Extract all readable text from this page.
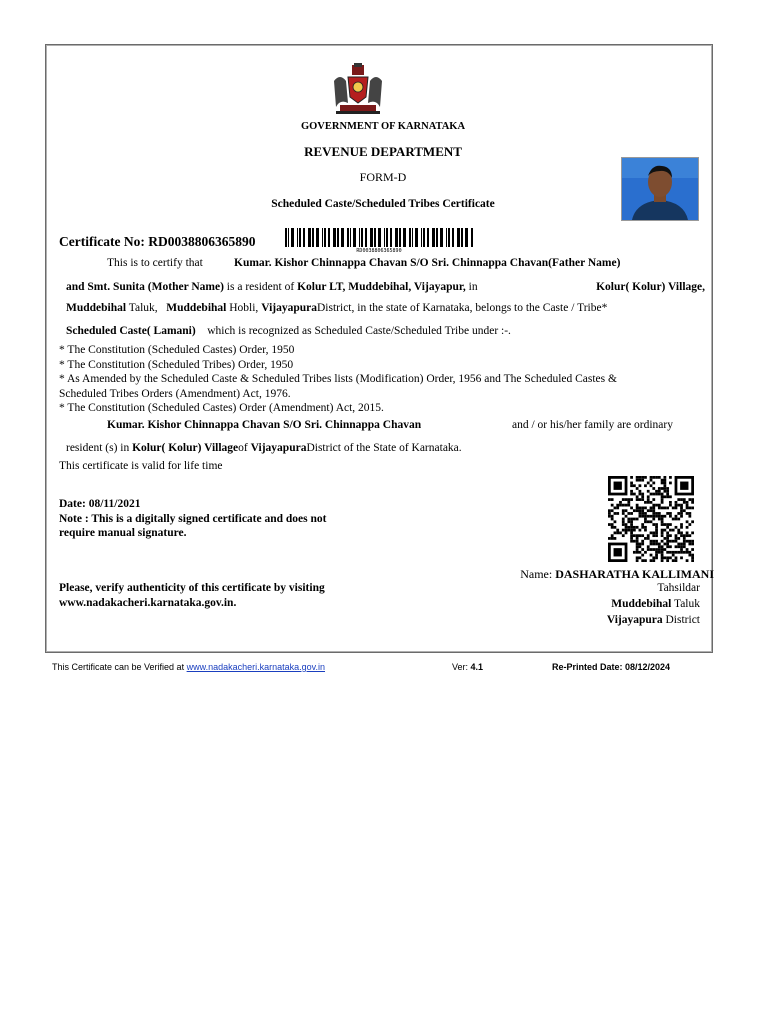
GOVERNMENT OF KARNATAKA
REVENUE DEPARTMENT
FORM-D
Scheduled Caste/Scheduled Tribes Certificate
Certificate No: RD0038806365890
RD0038806365890
This is to certify that	Kumar. Kishor Chinnappa Chavan S/O Sri. Chinnappa Chavan(Father Name)
and Smt. Sunita (Mother Name) is a resident of Kolur LT, Muddebihal, Vijayapur, in	Kolur( Kolur) Village,
Muddebihal Taluk, Muddebihal Hobli, VijayapuraDistrict, in the state of Karnataka, belongs to the Caste / Tribe*
Scheduled Caste( Lamani) which is recognized as Scheduled Caste/Scheduled Tribe under :-.
* The Constitution (Scheduled Castes) Order, 1950
* The Constitution (Scheduled Tribes) Order, 1950
* As Amended by the Scheduled Caste & Scheduled Tribes lists (Modification) Order, 1956 and The Scheduled Castes &
Scheduled Tribes Orders (Amendment) Act, 1976.
* The Constitution (Scheduled Castes) Order (Amendment) Act, 2015.
Kumar. Kishor Chinnappa Chavan S/O Sri. Chinnappa Chavan	and / or his/her family are ordinary
resident (s) in Kolur( Kolur) Villageof VijayapuraDistrict of the State of Karnataka.
This certificate is valid for life time
Date: 08/11/2021
Note : This is a digitally signed certificate and does not
require manual signature.
Name: DASHARATHA KALLIMANI
Tahsildar
Muddebihal Taluk
Vijayapura District
Please, verify authenticity of this certificate by visiting
www.nadakacheri.karnataka.gov.in.
This Certificate can be Verified at www.nadakacheri.karnataka.gov.in	Ver: 4.1	Re-Printed Date: 08/12/2024
